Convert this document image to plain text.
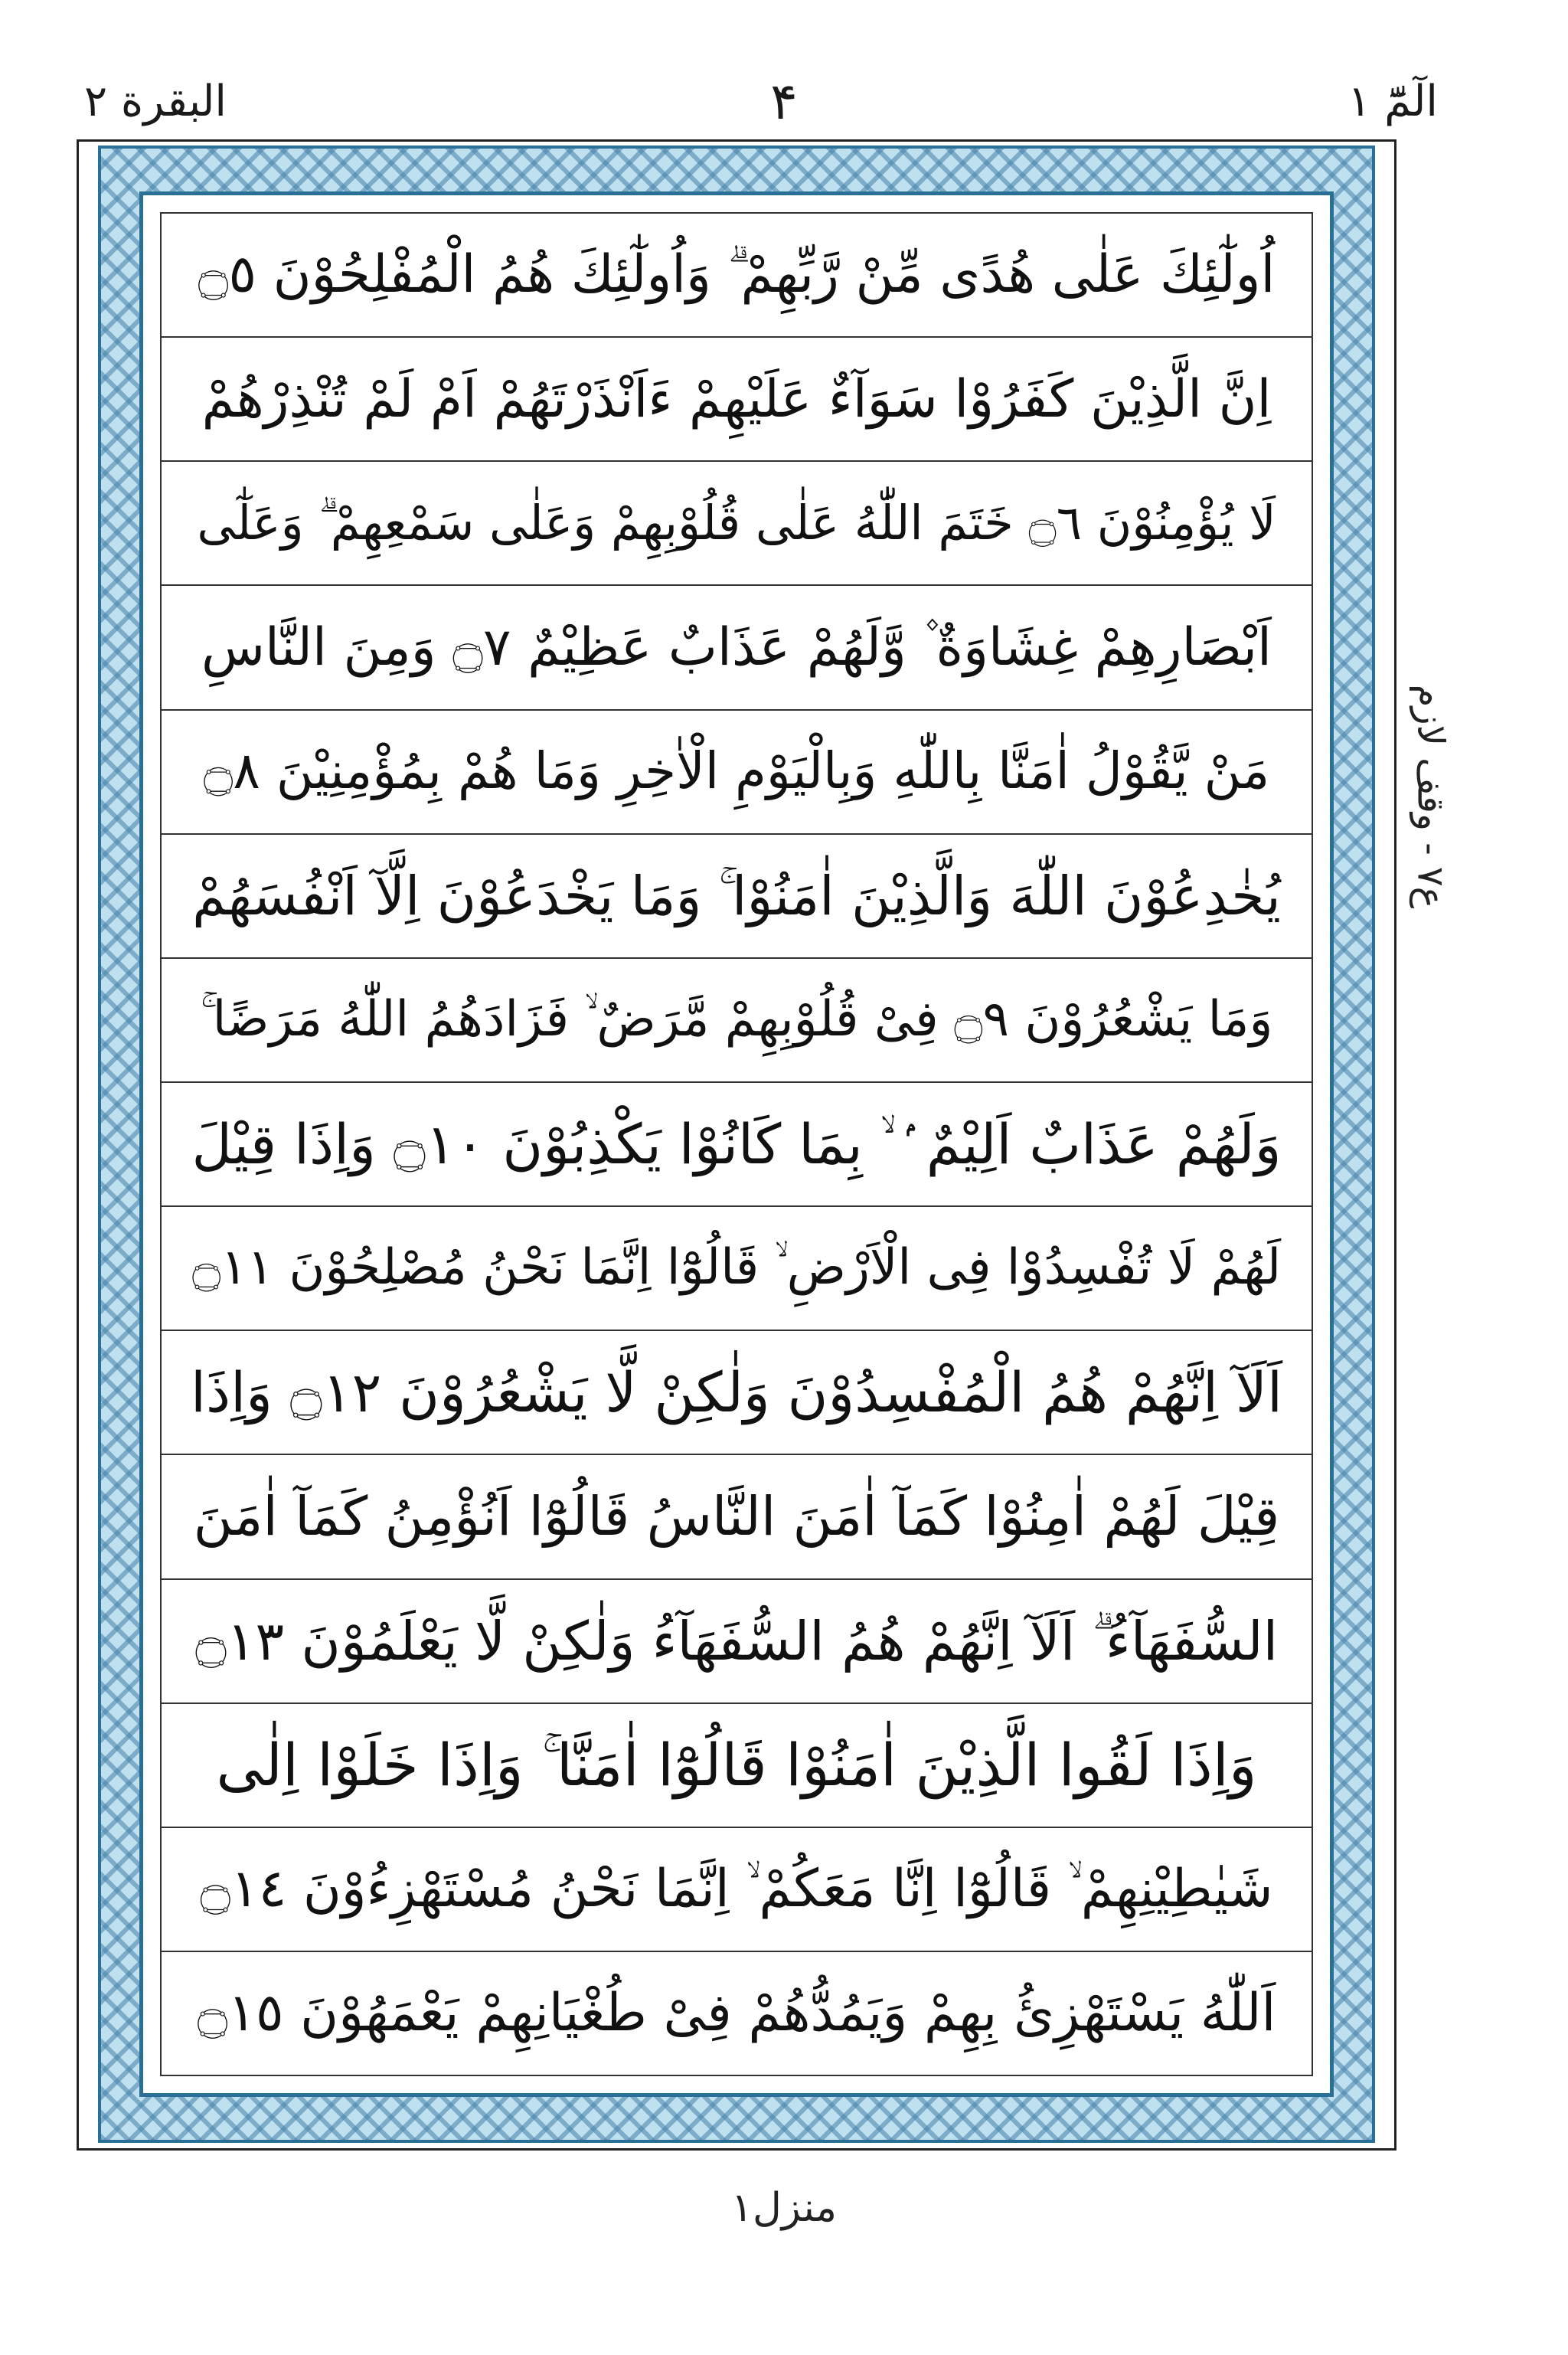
البقرة ٢	۴	الٓمّٓ ١
اُولٰٓئِكَ عَلٰى هُدًى مِّنْ رَّبِّهِمْ ۗ وَاُولٰٓئِكَ هُمُ الْمُفْلِحُوْنَ ۝٥
اِنَّ الَّذِيْنَ كَفَرُوْا سَوَآءٌ عَلَيْهِمْ ءَاَنْذَرْتَهُمْ اَمْ لَمْ تُنْذِرْهُمْ
لَا يُؤْمِنُوْنَ ۝٦ خَتَمَ اللّٰهُ عَلٰى قُلُوْبِهِمْ وَعَلٰى سَمْعِهِمْ ۗ وَعَلٰٓى
اَبْصَارِهِمْ غِشَاوَةٌ ۫ وَّلَهُمْ عَذَابٌ عَظِيْمٌ ۝٧ وَمِنَ النَّاسِ
مَنْ يَّقُوْلُ اٰمَنَّا بِاللّٰهِ وَبِالْيَوْمِ الْاٰخِرِ وَمَا هُمْ بِمُؤْمِنِيْنَ ۝٨
يُخٰدِعُوْنَ اللّٰهَ وَالَّذِيْنَ اٰمَنُوْا ۚ وَمَا يَخْدَعُوْنَ اِلَّآ اَنْفُسَهُمْ
وَمَا يَشْعُرُوْنَ ۝٩ فِىْ قُلُوْبِهِمْ مَّرَضٌ ۙ فَزَادَهُمُ اللّٰهُ مَرَضًا ۚ
وَلَهُمْ عَذَابٌ اَلِيْمٌ ۢ ۙ بِمَا كَانُوْا يَكْذِبُوْنَ ۝١٠ وَاِذَا قِيْلَ
لَهُمْ لَا تُفْسِدُوْا فِى الْاَرْضِ ۙ قَالُوْٓا اِنَّمَا نَحْنُ مُصْلِحُوْنَ ۝١١
اَلَآ اِنَّهُمْ هُمُ الْمُفْسِدُوْنَ وَلٰكِنْ لَّا يَشْعُرُوْنَ ۝١٢ وَاِذَا
قِيْلَ لَهُمْ اٰمِنُوْا كَمَآ اٰمَنَ النَّاسُ قَالُوْٓا اَنُؤْمِنُ كَمَآ اٰمَنَ
السُّفَهَآءُ ۗ اَلَآ اِنَّهُمْ هُمُ السُّفَهَآءُ وَلٰكِنْ لَّا يَعْلَمُوْنَ ۝١٣
وَاِذَا لَقُوا الَّذِيْنَ اٰمَنُوْا قَالُوْٓا اٰمَنَّا ۚ وَاِذَا خَلَوْا اِلٰى
شَيٰطِيْنِهِمْ ۙ قَالُوْٓا اِنَّا مَعَكُمْ ۙ اِنَّمَا نَحْنُ مُسْتَهْزِءُوْنَ ۝١٤
اَللّٰهُ يَسْتَهْزِئُ بِهِمْ وَيَمُدُّهُمْ فِىْ طُغْيَانِهِمْ يَعْمَهُوْنَ ۝١٥
ع٧ - وقف لازم
منزل١
